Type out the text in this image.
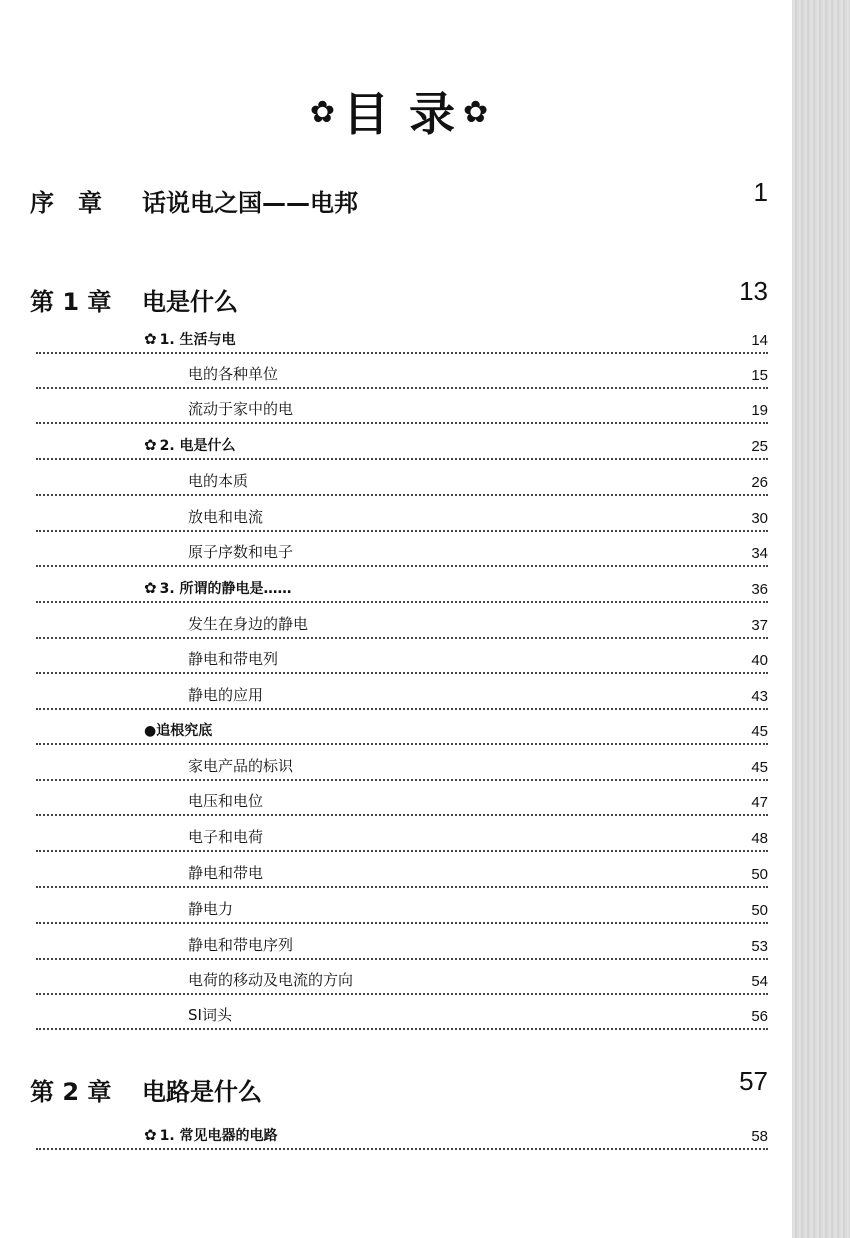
✿ 目 录 ✿
序　章 话说电之国——电邦	1
第 1 章 电是什么	13
✿ 1. 生活与电	14
电的各种单位	15
流动于家中的电	19
✿ 2. 电是什么	25
电的本质	26
放电和电流	30
原子序数和电子	34
✿ 3. 所谓的静电是……	36
发生在身边的静电	37
静电和带电列	40
静电的应用	43
●追根究底	45
家电产品的标识	45
电压和电位	47
电子和电荷	48
静电和带电	50
静电力	50
静电和带电序列	53
电荷的移动及电流的方向	54
SI词头	56
第 2 章 电路是什么	57
✿ 1. 常见电器的电路	58
